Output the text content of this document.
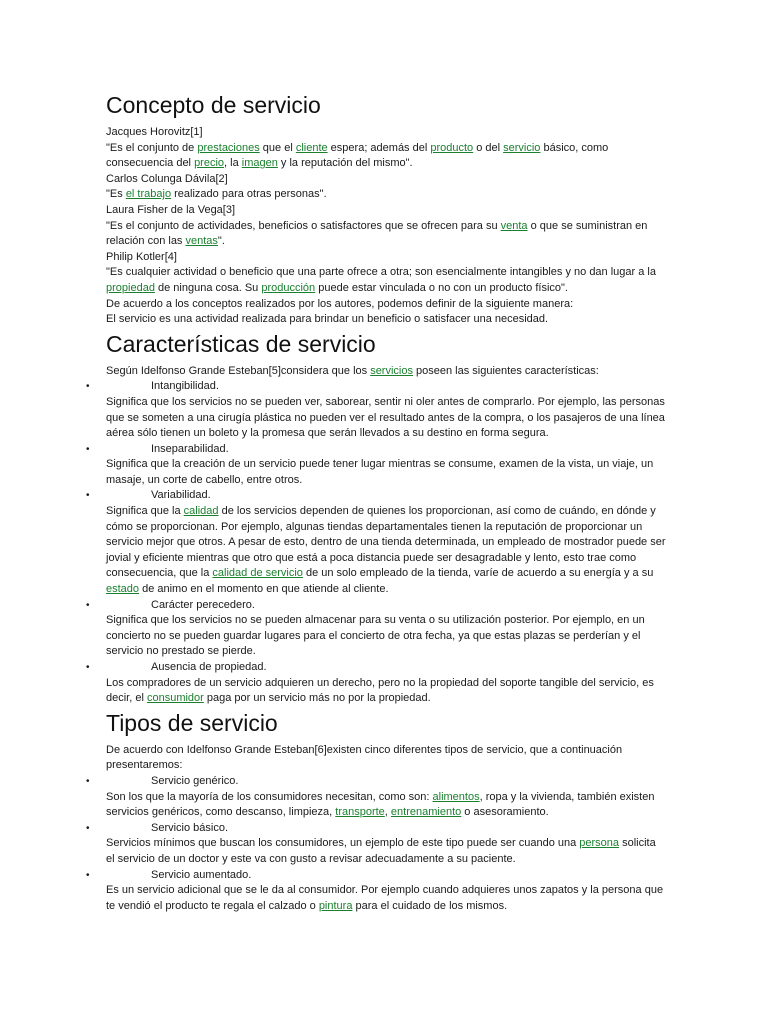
Concepto de servicio

Jacques Horovitz[1]

"Es el conjunto de prestaciones que el cliente espera; además del producto o del servicio básico, como consecuencia del precio, la imagen y la reputación del mismo".

Carlos Colunga Dávila[2]

"Es el trabajo realizado para otras personas".

Laura Fisher de la Vega[3]

"Es el conjunto de actividades, beneficios o satisfactores que se ofrecen para su venta o que se suministran en relación con las ventas".

Philip Kotler[4]

"Es cualquier actividad o beneficio que una parte ofrece a otra; son esencialmente intangibles y no dan lugar a la propiedad de ninguna cosa. Su producción puede estar vinculada o no con un producto físico".

De acuerdo a los conceptos realizados por los autores, podemos definir de la siguiente manera:

El servicio es una actividad realizada para brindar un beneficio o satisfacer una necesidad.

Características de servicio

Según Idelfonso Grande Esteban[5]considera que los servicios poseen las siguientes características:

•	Intangibilidad.

Significa que los servicios no se pueden ver, saborear, sentir ni oler antes de comprarlo. Por ejemplo, las personas que se someten a una cirugía plástica no pueden ver el resultado antes de la compra, o los pasajeros de una línea aérea sólo tienen un boleto y la promesa que serán llevados a su destino en forma segura.

•	Inseparabilidad.

Significa que la creación de un servicio puede tener lugar mientras se consume, examen de la vista, un viaje, un masaje, un corte de cabello, entre otros.

•	Variabilidad.

Significa que la calidad de los servicios dependen de quienes los proporcionan, así como de cuándo, en dónde y cómo se proporcionan. Por ejemplo, algunas tiendas departamentales tienen la reputación de proporcionar un servicio mejor que otros. A pesar de esto, dentro de una tienda determinada, un empleado de mostrador puede ser jovial y eficiente mientras que otro que está a poca distancia puede ser desagradable y lento, esto trae como consecuencia, que la calidad de servicio de un solo empleado de la tienda, varíe de acuerdo a su energía y a su estado de animo en el momento en que atiende al cliente.

•	Carácter perecedero.

Significa que los servicios no se pueden almacenar para su venta o su utilización posterior. Por ejemplo, en un concierto no se pueden guardar lugares para el concierto de otra fecha, ya que estas plazas se perderían y el servicio no prestado se pierde.

•	Ausencia de propiedad.

Los compradores de un servicio adquieren un derecho, pero no la propiedad del soporte tangible del servicio, es decir, el consumidor paga por un servicio más no por la propiedad.

Tipos de servicio

De acuerdo con Idelfonso Grande Esteban[6]existen cinco diferentes tipos de servicio, que a continuación presentaremos:

•	Servicio genérico.

Son los que la mayoría de los consumidores necesitan, como son: alimentos, ropa y la vivienda, también existen servicios genéricos, como descanso, limpieza, transporte, entrenamiento o asesoramiento.

•	Servicio básico.

Servicios mínimos que buscan los consumidores, un ejemplo de este tipo puede ser cuando una persona solicita el servicio de un doctor y este va con gusto a revisar adecuadamente a su paciente.

•	Servicio aumentado.

Es un servicio adicional que se le da al consumidor. Por ejemplo cuando adquieres unos zapatos y la persona que te vendió el producto te regala el calzado o pintura para el cuidado de los mismos.
